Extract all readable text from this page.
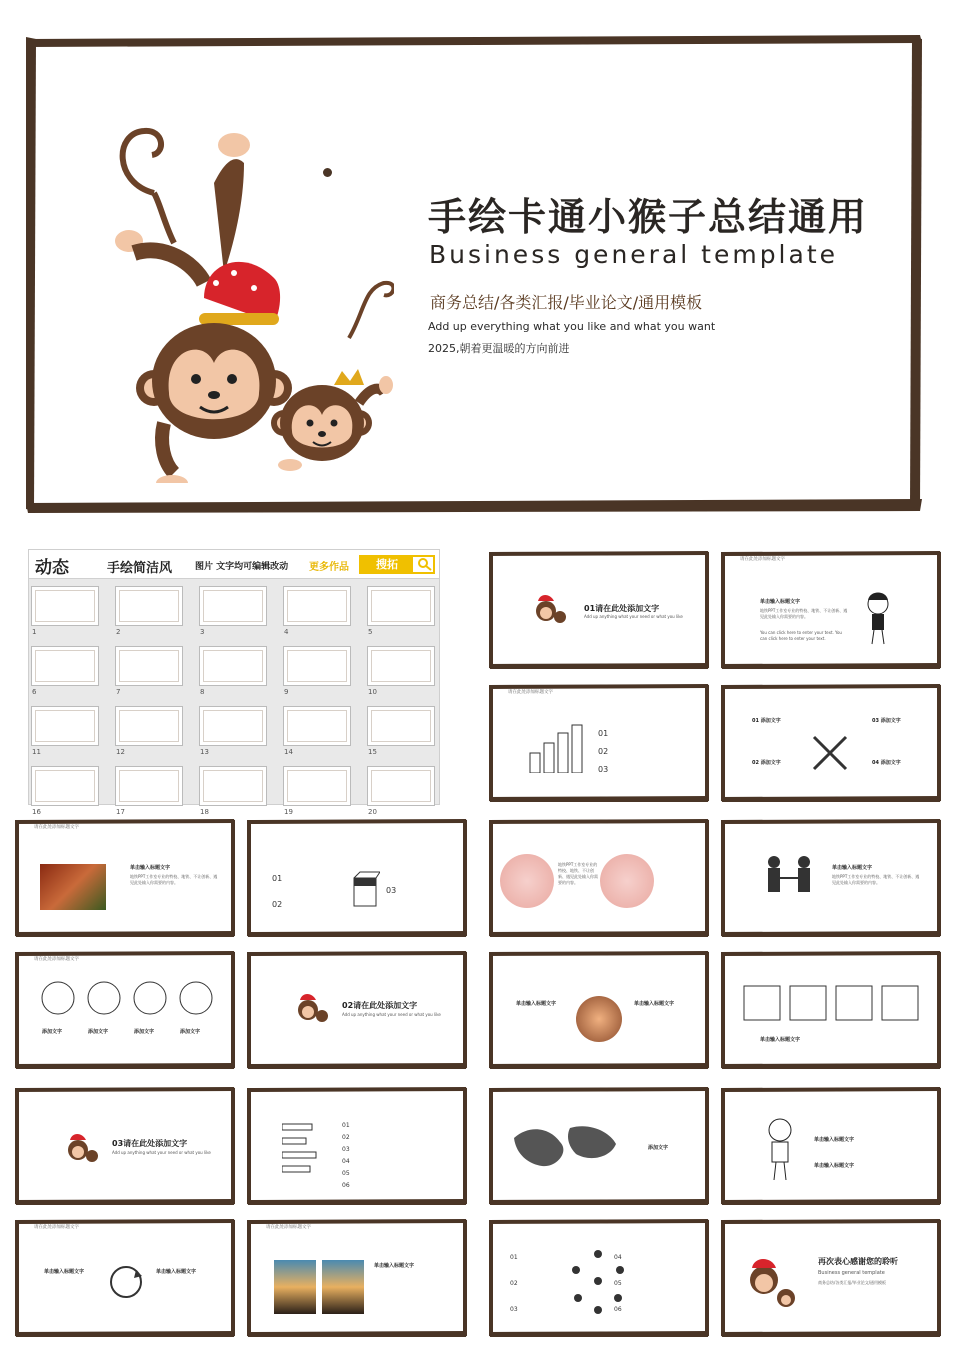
手绘卡通小猴子总结通用
Business general template
商务总结/各类汇报/毕业论文/通用模板
Add up everything what you like and what you want
2025,朝着更温暖的方向前进
动态	手绘简洁风	图片 文字均可编辑改动 更多作品	搜拓
1	2	3	4	5
6	7	8	9	10
11	12	13	14	15
16	17	18	19	20
01请在此处添加文字
Add up anything what your need or what you like
请在此处添加标题文字
单击输入标题文字
地铁PPT工作室专业的特校、地铁、不让创新、遇见此处输入你需要的内容。
You can click here to enter your text. You can click here to enter your text.
请在此处添加标题文字
01
02
03
01 添加文字	03 添加文字
02 添加文字	04 添加文字
请在此处添加标题文字
单击输入标题文字
地铁PPT工作室专业的特校、地铁、不让创新、遇见此处输入你需要的内容。	01
02
03
地铁PPT工作室专业的特校、地铁、不让创新、遇见此处输入你需要的内容。
单击输入标题文字
地铁PPT工作室专业的特校、地铁、不让创新、遇见此处输入你需要的内容。
请在此处添加标题文字
添加文字	添加文字	添加文字	添加文字
02请在此处添加文字
Add up anything what your need or what you like
单击输入标题文字	单击输入标题文字
单击输入标题文字
03请在此处添加文字
Add up anything what your need or what you like
01
02
03
04
05
06
添加文字
单击输入标题文字
单击输入标题文字
请在此处添加标题文字
单击输入标题文字	单击输入标题文字
请在此处添加标题文字
单击输入标题文字
01
02
03
04
05
06
再次表心感谢您的聆听
Business general template
商务总结/各类汇报/毕业论文/通用模板
